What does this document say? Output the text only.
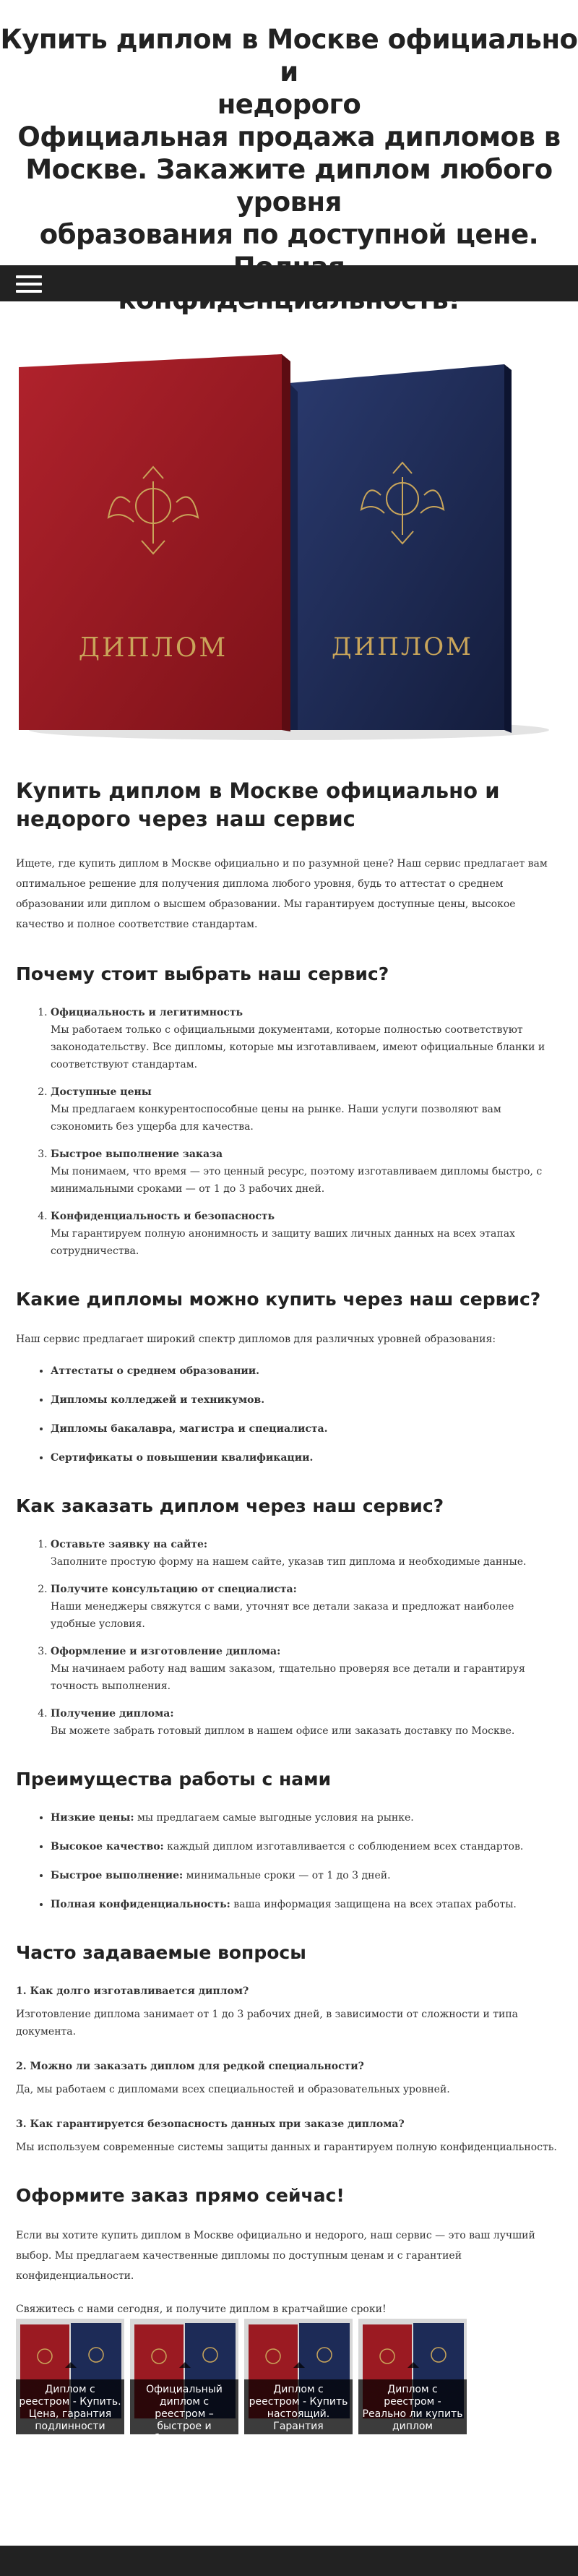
Купить диплом в Москве официально и
недорого
Официальная продажа дипломов в
Москве. Закажите диплом любого уровня
образования по доступной цене.
ДИПЛОМ
ДИПЛОМ
Купить диплом в Москве официально и недорого через наш сервис

Ищете, где купить диплом в Москве официально и по разумной цене? Наш сервис предлагает вам оптимальное решение для получения диплома любого уровня, будь то аттестат о среднем образовании или диплом о высшем образовании. Мы гарантируем доступные цены, высокое качество и полное соответствие стандартам.

Почему стоит выбрать наш сервис?
1. Официальность и легитимность
Мы работаем только с официальными документами, которые полностью соответствуют законодательству. Все дипломы, которые мы изготавливаем, имеют официальные бланки и соответствуют стандартам.
2. Доступные цены
Мы предлагаем конкурентоспособные цены на рынке. Наши услуги позволяют вам сэкономить без ущерба для качества.
3. Быстрое выполнение заказа
Мы понимаем, что время — это ценный ресурс, поэтому изготавливаем дипломы быстро, с минимальными сроками — от 1 до 3 рабочих дней.
4. Конфиденциальность и безопасность
Мы гарантируем полную анонимность и защиту ваших личных данных на всех этапах сотрудничества.
Какие дипломы можно купить через наш сервис?

Наш сервис предлагает широкий спектр дипломов для различных уровней образования:

• Аттестаты о среднем образовании.
• Дипломы колледжей и техникумов.
• Дипломы бакалавра, магистра и специалиста.
• Сертификаты о повышении квалификации.
Как заказать диплом через наш сервис?
1. Оставьте заявку на сайте:
Заполните простую форму на нашем сайте, указав тип диплома и необходимые данные.
2. Получите консультацию от специалиста:
Наши менеджеры свяжутся с вами, уточнят все детали заказа и предложат наиболее удобные условия.
3. Оформление и изготовление диплома:
Мы начинаем работу над вашим заказом, тщательно проверяя все детали и гарантируя точность выполнения.
4. Получение диплома:
Вы можете забрать готовый диплом в нашем офисе или заказать доставку по Москве.
Преимущества работы с нами
• Низкие цены: мы предлагаем самые выгодные условия на рынке.
• Высокое качество: каждый диплом изготавливается с соблюдением всех стандартов.
• Быстрое выполнение: минимальные сроки — от 1 до 3 дней.
• Полная конфиденциальность: ваша информация защищена на всех этапах работы.
Часто задаваемые вопросы
1. Как долго изготавливается диплом?
Изготовление диплома занимает от 1 до 3 рабочих дней, в зависимости от сложности и типа документа.
2. Можно ли заказать диплом для редкой специальности?
Да, мы работаем с дипломами всех специальностей и образовательных уровней.
3. Как гарантируется безопасность данных при заказе диплома?
Мы используем современные системы защиты данных и гарантируем полную конфиденциальность.
Оформите заказ прямо сейчас!

Если вы хотите купить диплом в Москве официально и недорого, наш сервис — это ваш лучший выбор. Мы предлагаем качественные дипломы по доступным ценам и с гарантией конфиденциальности.

Свяжитесь с нами сегодня, и получите диплом в кратчайшие сроки!

Диплом с реестром - Купить. Цена, гарантия подлинности
Официальный диплом с реестром – быстрое и безопасное решение
Диплом с реестром - Купить настоящий. Гарантия
Диплом с реестром - Реально ли купить диплом
